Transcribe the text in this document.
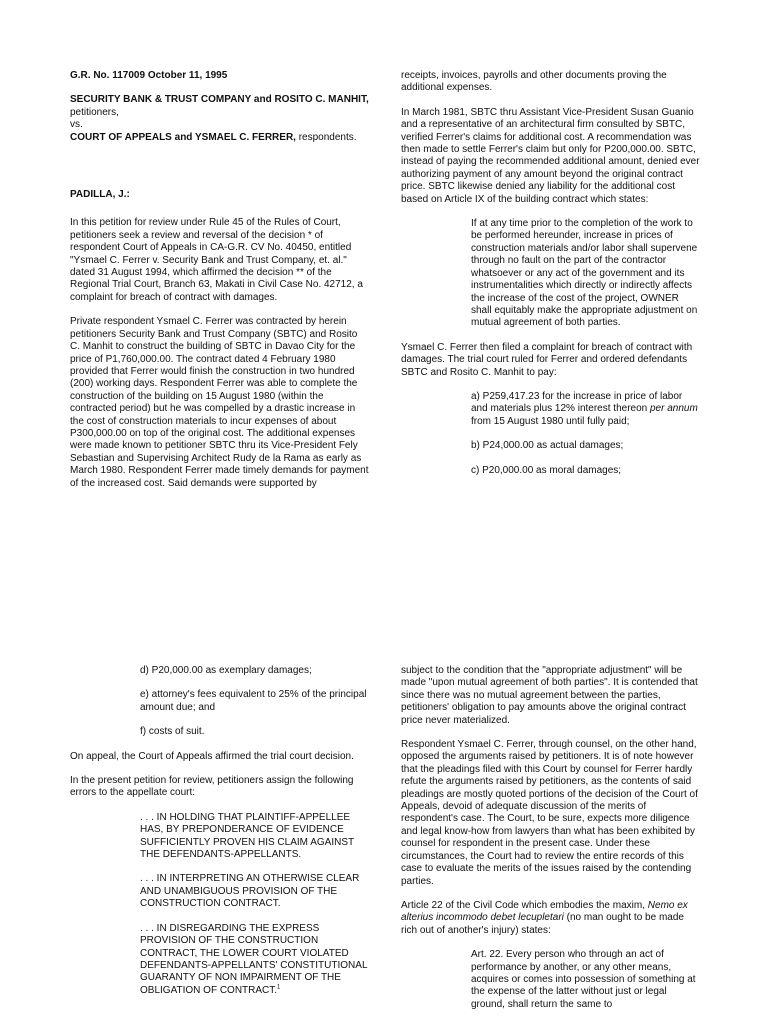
G.R. No. 117009 October 11, 1995

SECURITY BANK & TRUST COMPANY and ROSITO C. MANHIT, petitioners,

vs.

COURT OF APPEALS and YSMAEL C. FERRER, respondents.

PADILLA, J.:

In this petition for review under Rule 45 of the Rules of Court, petitioners seek a review and reversal of the decision * of respondent Court of Appeals in CA-G.R. CV No. 40450, entitled "Ysmael C. Ferrer v. Security Bank and Trust Company, et. al." dated 31 August 1994, which affirmed the decision ** of the Regional Trial Court, Branch 63, Makati in Civil Case No. 42712, a complaint for breach of contract with damages.

Private respondent Ysmael C. Ferrer was contracted by herein petitioners Security Bank and Trust Company (SBTC) and Rosito C. Manhit to construct the building of SBTC in Davao City for the price of P1,760,000.00. The contract dated 4 February 1980 provided that Ferrer would finish the construction in two hundred (200) working days. Respondent Ferrer was able to complete the construction of the building on 15 August 1980 (within the contracted period) but he was compelled by a drastic increase in the cost of construction materials to incur expenses of about P300,000.00 on top of the original cost. The additional expenses were made known to petitioner SBTC thru its Vice-President Fely Sebastian and Supervising Architect Rudy de la Rama as early as March 1980. Respondent Ferrer made timely demands for payment of the increased cost. Said demands were supported by

receipts, invoices, payrolls and other documents proving the additional expenses.

In March 1981, SBTC thru Assistant Vice-President Susan Guanio and a representative of an architectural firm consulted by SBTC, verified Ferrer's claims for additional cost. A recommendation was then made to settle Ferrer's claim but only for P200,000.00. SBTC, instead of paying the recommended additional amount, denied ever authorizing payment of any amount beyond the original contract price. SBTC likewise denied any liability for the additional cost based on Article IX of the building contract which states:

If at any time prior to the completion of the work to be performed hereunder, increase in prices of construction materials and/or labor shall supervene through no fault on the part of the contractor whatsoever or any act of the government and its instrumentalities which directly or indirectly affects the increase of the cost of the project, OWNER shall equitably make the appropriate adjustment on mutual agreement of both parties.

Ysmael C. Ferrer then filed a complaint for breach of contract with damages. The trial court ruled for Ferrer and ordered defendants SBTC and Rosito C. Manhit to pay:

a) P259,417.23 for the increase in price of labor and materials plus 12% interest thereon per annum from 15 August 1980 until fully paid;

b) P24,000.00 as actual damages;

c) P20,000.00 as moral damages;

d) P20,000.00 as exemplary damages;

e) attorney's fees equivalent to 25% of the principal amount due; and

f) costs of suit.

On appeal, the Court of Appeals affirmed the trial court decision.

In the present petition for review, petitioners assign the following errors to the appellate court:

. . . IN HOLDING THAT PLAINTIFF-APPELLEE HAS, BY PREPONDERANCE OF EVIDENCE SUFFICIENTLY PROVEN HIS CLAIM AGAINST THE DEFENDANTS-APPELLANTS.

. . . IN INTERPRETING AN OTHERWISE CLEAR AND UNAMBIGUOUS PROVISION OF THE CONSTRUCTION CONTRACT.

. . . IN DISREGARDING THE EXPRESS PROVISION OF THE CONSTRUCTION CONTRACT, THE LOWER COURT VIOLATED DEFENDANTS-APPELLANTS' CONSTITUTIONAL GUARANTY OF NON IMPAIRMENT OF THE OBLIGATION OF CONTRACT.$^1$

subject to the condition that the "appropriate adjustment" will be made "upon mutual agreement of both parties". It is contended that since there was no mutual agreement between the parties, petitioners' obligation to pay amounts above the original contract price never materialized.

Respondent Ysmael C. Ferrer, through counsel, on the other hand, opposed the arguments raised by petitioners. It is of note however that the pleadings filed with this Court by counsel for Ferrer hardly refute the arguments raised by petitioners, as the contents of said pleadings are mostly quoted portions of the decision of the Court of Appeals, devoid of adequate discussion of the merits of respondent's case. The Court, to be sure, expects more diligence and legal know-how from lawyers than what has been exhibited by counsel for respondent in the present case. Under these circumstances, the Court had to review the entire records of this case to evaluate the merits of the issues raised by the contending parties.

Article 22 of the Civil Code which embodies the maxim, Nemo ex alterius incommodo debet lecupletari (no man ought to be made rich out of another's injury) states:

Art. 22. Every person who through an act of performance by another, or any other means, acquires or comes into possession of something at the expense of the latter without just or legal ground, shall return the same to
